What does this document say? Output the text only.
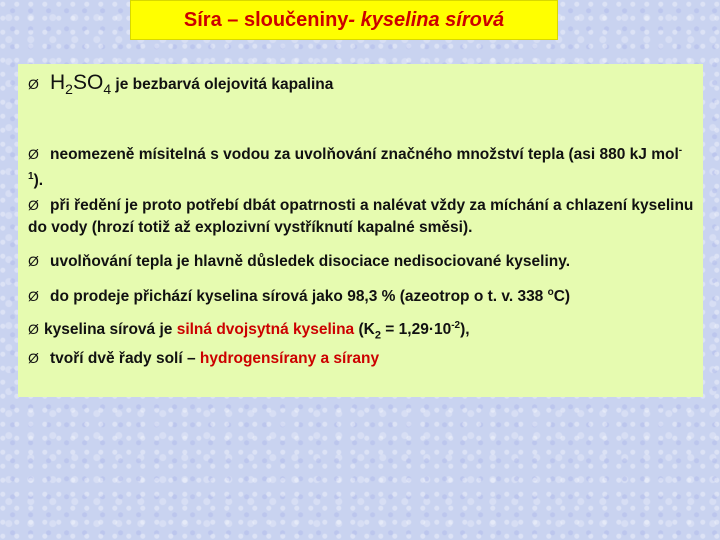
Síra – sloučeniny - kyselina sírová
Ø $H_2SO_4$ je bezbarvá olejovitá kapalina
Ø neomezeně mísitelná s vodou za uvolňování značného množství tepla (asi 880 kJ mol$^{-1}$).
Ø při ředění je proto potřebí dbát opatrnosti a nalévat vždy za míchání a chlazení kyselinu do vody (hrozí totiž až explozivní vystříknutí kapalné směsi).
Ø uvolňování tepla je hlavně důsledek disociace nedisociované kyseliny.
Ø do prodeje přichází kyselina sírová jako 98,3 % (azeotrop o t. v. 338 $^o$C)
Ø kyselina sírová je silná dvojsytná kyselina $(K_2 = 1,29\cdot 10^{-2})$,
Ø tvoří dvě řady solí – hydrogensírany a sírany
